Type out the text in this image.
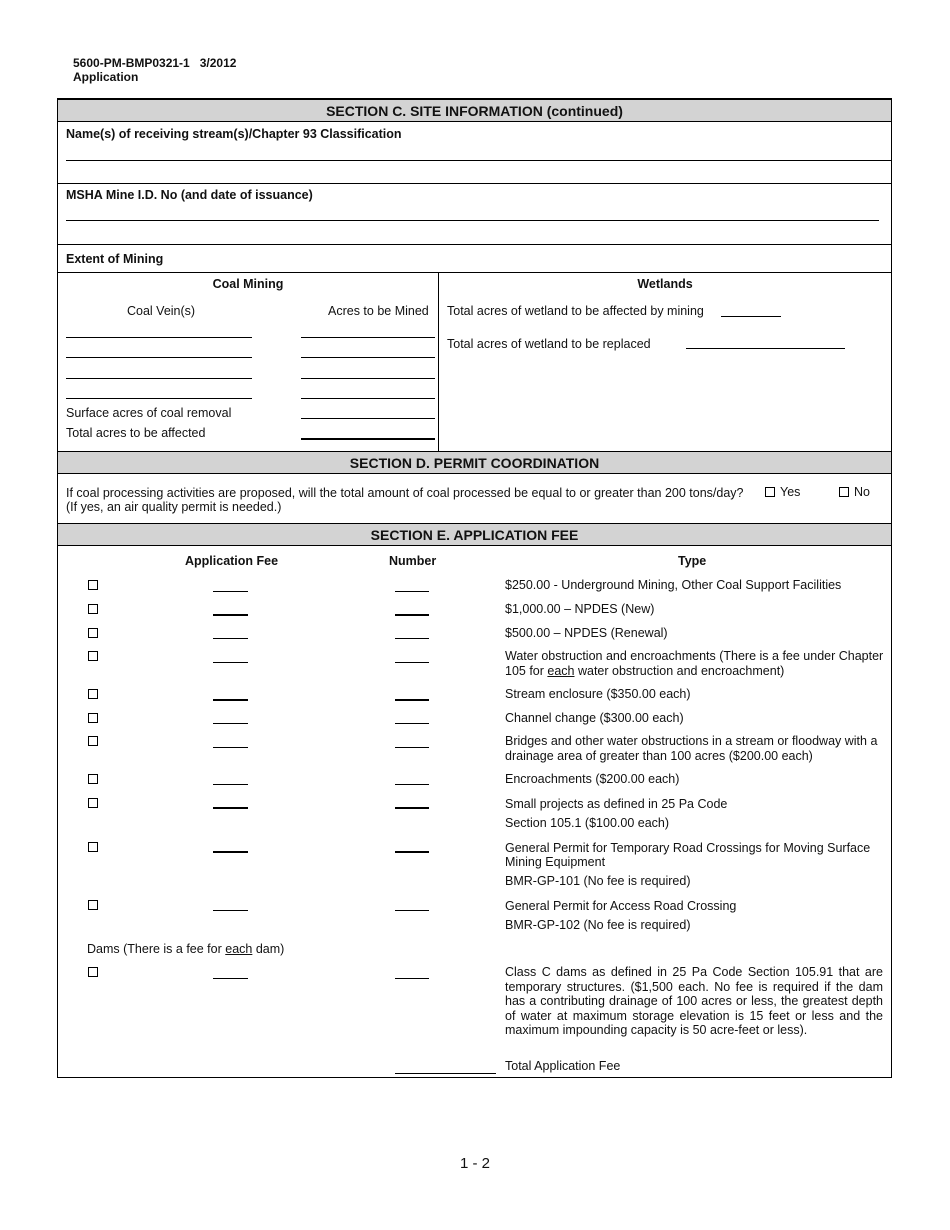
5600-PM-BMP0321-1 3/2012
Application
SECTION C. SITE INFORMATION (continued)
Name(s) of receiving stream(s)/Chapter 93 Classification
MSHA Mine I.D. No (and date of issuance)
Extent of Mining
Coal Mining
Coal Vein(s)	Acres to be Mined
Surface acres of coal removal
Total acres to be affected
Wetlands
Total acres of wetland to be affected by mining
Total acres of wetland to be replaced
SECTION D. PERMIT COORDINATION
If coal processing activities are proposed, will the total amount of coal processed be equal to or greater than 200 tons/day?
(If yes, an air quality permit is needed.)
Yes	No
SECTION E. APPLICATION FEE
Application Fee	Number	Type
$250.00 - Underground Mining, Other Coal Support Facilities
$1,000.00 – NPDES (New)
$500.00 – NPDES (Renewal)
Water obstruction and encroachments (There is a fee under Chapter
105 for each water obstruction and encroachment)
Stream enclosure ($350.00 each)
Channel change ($300.00 each)
Bridges and other water obstructions in a stream or floodway with a
drainage area of greater than 100 acres ($200.00 each)
Encroachments ($200.00 each)
Small projects as defined in 25 Pa Code
Section 105.1 ($100.00 each)
General Permit for Temporary Road Crossings for Moving Surface
Mining Equipment
BMR-GP-101 (No fee is required)
General Permit for Access Road Crossing
BMR-GP-102 (No fee is required)
Dams (There is a fee for each dam)
Class C dams as defined in 25 Pa Code Section 105.91 that are temporary structures. ($1,500 each. No fee is required if the dam has a contributing drainage of 100 acres or less, the greatest depth of water at maximum storage elevation is 15 feet or less and the maximum impounding capacity is 50 acre-feet or less).
Total Application Fee
1 - 2
